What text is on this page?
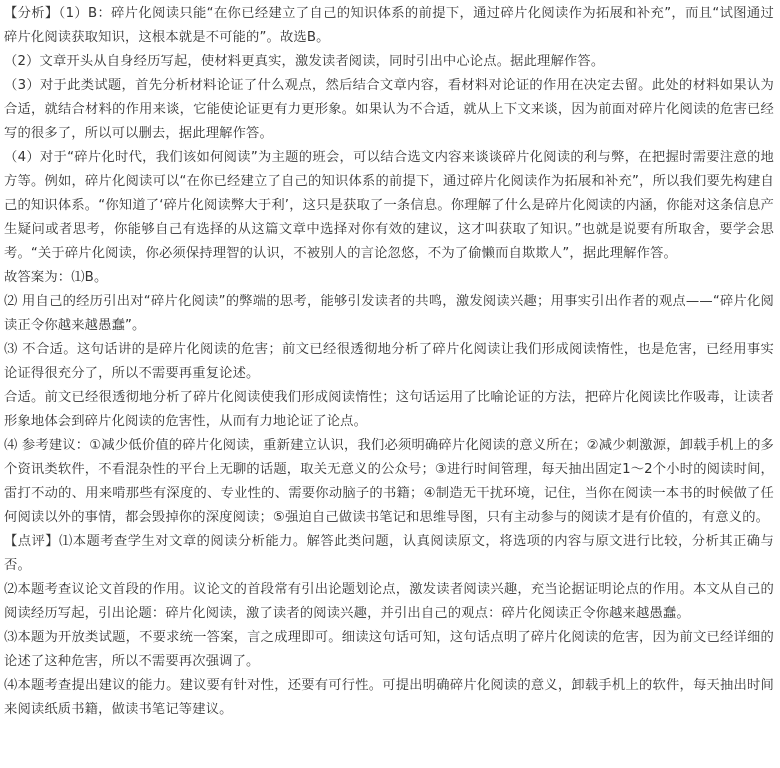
【分析】（1）B：碎片化阅读只能“在你已经建立了自己的知识体系的前提下，通过碎片化阅读作为拓展和补充”，而且“试图通过碎片化阅读获取知识，这根本就是不可能的”。故选B。

（2）文章开头从自身经历写起，使材料更真实，激发读者阅读，同时引出中心论点。据此理解作答。

（3）对于此类试题，首先分析材料论证了什么观点，然后结合文章内容，看材料对论证的作用在决定去留。此处的材料如果认为合适，就结合材料的作用来谈，它能使论证更有力更形象。如果认为不合适，就从上下文来谈，因为前面对碎片化阅读的危害已经写的很多了，所以可以删去，据此理解作答。

（4）对于“碎片化时代，我们该如何阅读”为主题的班会，可以结合选文内容来谈谈碎片化阅读的利与弊，在把握时需要注意的地方等。例如，碎片化阅读可以“在你已经建立了自己的知识体系的前提下，通过碎片化阅读作为拓展和补充”，所以我们要先构建自己的知识体系。“你知道了‘碎片化阅读弊大于利’，这只是获取了一条信息。你理解了什么是碎片化阅读的内涵，你能对这条信息产生疑问或者思考，你能够自己有选择的从这篇文章中选择对你有效的建议，这才叫获取了知识。”也就是说要有所取舍，要学会思考。“关于碎片化阅读，你必须保持理智的认识，不被别人的言论忽悠，不为了偷懒而自欺欺人”，据此理解作答。

故答案为：⑴B。

⑵ 用自己的经历引出对“碎片化阅读”的弊端的思考，能够引发读者的共鸣，激发阅读兴趣；用事实引出作者的观点——“碎片化阅读正令你越来越愚蠢”。

⑶ 不合适。这句话讲的是碎片化阅读的危害；前文已经很透彻地分析了碎片化阅读让我们形成阅读惰性，也是危害，已经用事实论证得很充分了，所以不需要再重复论述。

合适。前文已经很透彻地分析了碎片化阅读使我们形成阅读惰性；这句话运用了比喻论证的方法，把碎片化阅读比作吸毒，让读者形象地体会到碎片化阅读的危害性，从而有力地论证了论点。

⑷ 参考建议：①减少低价值的碎片化阅读，重新建立认识，我们必须明确碎片化阅读的意义所在；②减少刺激源，卸载手机上的多个资讯类软件，不看混杂性的平台上无聊的话题，取关无意义的公众号；③进行时间管理，每天抽出固定1～2个小时的阅读时间，雷打不动的、用来啃那些有深度的、专业性的、需要你动脑子的书籍；④制造无干扰环境，记住，当你在阅读一本书的时候做了任何阅读以外的事情，都会毁掉你的深度阅读；⑤强迫自己做读书笔记和思维导图，只有主动参与的阅读才是有价值的，有意义的。

【点评】⑴本题考查学生对文章的阅读分析能力。解答此类问题，认真阅读原文，将选项的内容与原文进行比较，分析其正确与否。

⑵本题考查议论文首段的作用。议论文的首段常有引出论题划论点，激发读者阅读兴趣，充当论据证明论点的作用。本文从自己的阅读经历写起，引出论题：碎片化阅读，激了读者的阅读兴趣，并引出自己的观点：碎片化阅读正令你越来越愚蠢。

⑶本题为开放类试题，不要求统一答案，言之成理即可。细读这句话可知，这句话点明了碎片化阅读的危害，因为前文已经详细的论述了这种危害，所以不需要再次强调了。

⑷本题考查提出建议的能力。建议要有针对性，还要有可行性。可提出明确碎片化阅读的意义，卸载手机上的软件，每天抽出时间来阅读纸质书籍，做读书笔记等建议。
